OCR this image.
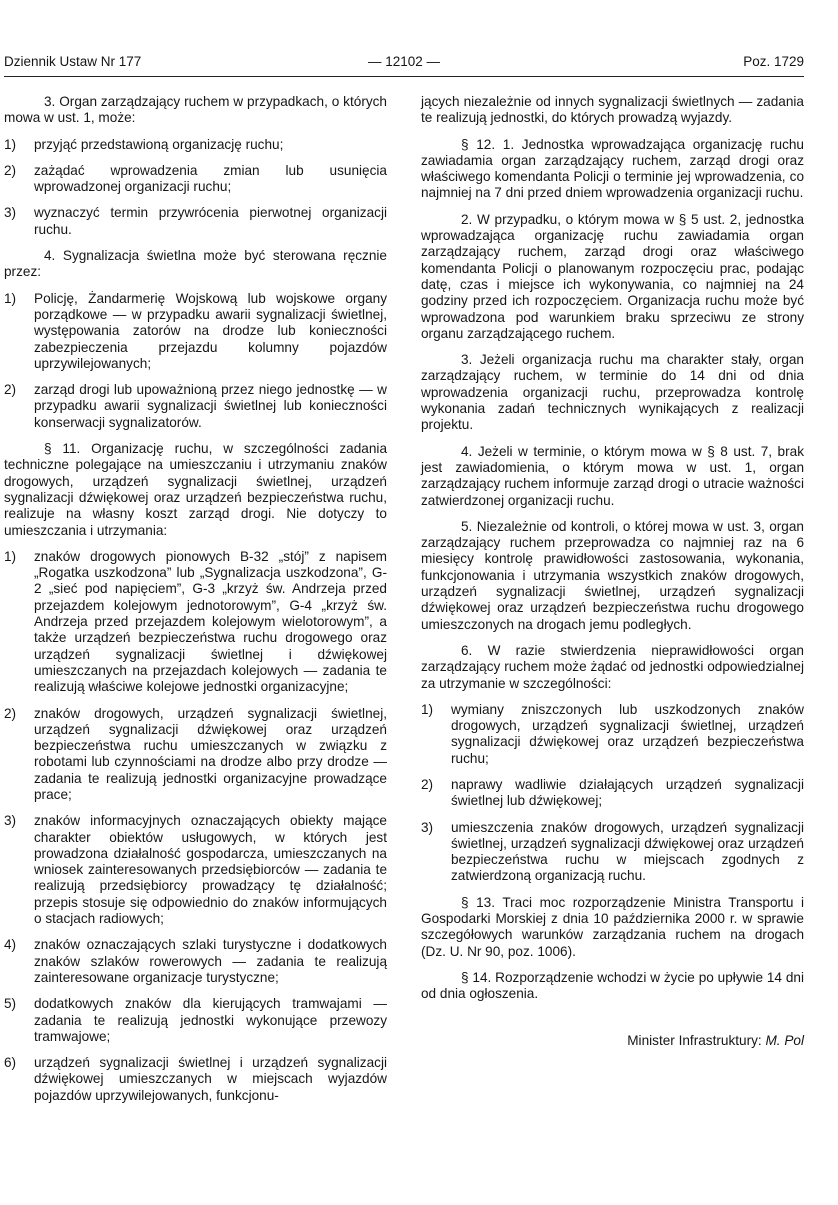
Dziennik Ustaw Nr 177	— 12102 —	Poz. 1729

3. Organ zarządzający ruchem w przypadkach, o których mowa w ust. 1, może:

1) przyjąć przedstawioną organizację ruchu;
2) zażądać wprowadzenia zmian lub usunięcia wprowadzonej organizacji ruchu;
3) wyznaczyć termin przywrócenia pierwotnej organizacji ruchu.

4. Sygnalizacja świetlna może być sterowana ręcznie przez:

1) Policję, Żandarmerię Wojskową lub wojskowe organy porządkowe — w przypadku awarii sygnalizacji świetlnej, występowania zatorów na drodze lub konieczności zabezpieczenia przejazdu kolumny pojazdów uprzywilejowanych;
2) zarząd drogi lub upoważnioną przez niego jednostkę — w przypadku awarii sygnalizacji świetlnej lub konieczności konserwacji sygnalizatorów.

§ 11. Organizację ruchu, w szczególności zadania techniczne polegające na umieszczaniu i utrzymaniu znaków drogowych, urządzeń sygnalizacji świetlnej, urządzeń sygnalizacji dźwiękowej oraz urządzeń bezpieczeństwa ruchu, realizuje na własny koszt zarząd drogi. Nie dotyczy to umieszczania i utrzymania:

1) znaków drogowych pionowych B-32 „stój” z napisem „Rogatka uszkodzona” lub „Sygnalizacja uszkodzona”, G-2 „sieć pod napięciem”, G-3 „krzyż św. Andrzeja przed przejazdem kolejowym jednotorowym”, G-4 „krzyż św. Andrzeja przed przejazdem kolejowym wielotorowym”, a także urządzeń bezpieczeństwa ruchu drogowego oraz urządzeń sygnalizacji świetlnej i dźwiękowej umieszczanych na przejazdach kolejowych — zadania te realizują właściwe kolejowe jednostki organizacyjne;
2) znaków drogowych, urządzeń sygnalizacji świetlnej, urządzeń sygnalizacji dźwiękowej oraz urządzeń bezpieczeństwa ruchu umieszczanych w związku z robotami lub czynnościami na drodze albo przy drodze — zadania te realizują jednostki organizacyjne prowadzące prace;
3) znaków informacyjnych oznaczających obiekty mające charakter obiektów usługowych, w których jest prowadzona działalność gospodarcza, umieszczanych na wniosek zainteresowanych przedsiębiorców — zadania te realizują przedsiębiorcy prowadzący tę działalność; przepis stosuje się odpowiednio do znaków informujących o stacjach radiowych;
4) znaków oznaczających szlaki turystyczne i dodatkowych znaków szlaków rowerowych — zadania te realizują zainteresowane organizacje turystyczne;
5) dodatkowych znaków dla kierujących tramwajami — zadania te realizują jednostki wykonujące przewozy tramwajowe;
6) urządzeń sygnalizacji świetlnej i urządzeń sygnalizacji dźwiękowej umieszczanych w miejscach wyjazdów pojazdów uprzywilejowanych, funkcjonu-

jących niezależnie od innych sygnalizacji świetlnych — zadania te realizują jednostki, do których prowadzą wyjazdy.

§ 12. 1. Jednostka wprowadzająca organizację ruchu zawiadamia organ zarządzający ruchem, zarząd drogi oraz właściwego komendanta Policji o terminie jej wprowadzenia, co najmniej na 7 dni przed dniem wprowadzenia organizacji ruchu.

2. W przypadku, o którym mowa w § 5 ust. 2, jednostka wprowadzająca organizację ruchu zawiadamia organ zarządzający ruchem, zarząd drogi oraz właściwego komendanta Policji o planowanym rozpoczęciu prac, podając datę, czas i miejsce ich wykonywania, co najmniej na 24 godziny przed ich rozpoczęciem. Organizacja ruchu może być wprowadzona pod warunkiem braku sprzeciwu ze strony organu zarządzającego ruchem.

3. Jeżeli organizacja ruchu ma charakter stały, organ zarządzający ruchem, w terminie do 14 dni od dnia wprowadzenia organizacji ruchu, przeprowadza kontrolę wykonania zadań technicznych wynikających z realizacji projektu.

4. Jeżeli w terminie, o którym mowa w § 8 ust. 7, brak jest zawiadomienia, o którym mowa w ust. 1, organ zarządzający ruchem informuje zarząd drogi o utracie ważności zatwierdzonej organizacji ruchu.

5. Niezależnie od kontroli, o której mowa w ust. 3, organ zarządzający ruchem przeprowadza co najmniej raz na 6 miesięcy kontrolę prawidłowości zastosowania, wykonania, funkcjonowania i utrzymania wszystkich znaków drogowych, urządzeń sygnalizacji świetlnej, urządzeń sygnalizacji dźwiękowej oraz urządzeń bezpieczeństwa ruchu drogowego umieszczonych na drogach jemu podległych.

6. W razie stwierdzenia nieprawidłowości organ zarządzający ruchem może żądać od jednostki odpowiedzialnej za utrzymanie w szczególności:

1) wymiany zniszczonych lub uszkodzonych znaków drogowych, urządzeń sygnalizacji świetlnej, urządzeń sygnalizacji dźwiękowej oraz urządzeń bezpieczeństwa ruchu;
2) naprawy wadliwie działających urządzeń sygnalizacji świetlnej lub dźwiękowej;
3) umieszczenia znaków drogowych, urządzeń sygnalizacji świetlnej, urządzeń sygnalizacji dźwiękowej oraz urządzeń bezpieczeństwa ruchu w miejscach zgodnych z zatwierdzoną organizacją ruchu.

§ 13. Traci moc rozporządzenie Ministra Transportu i Gospodarki Morskiej z dnia 10 października 2000 r. w sprawie szczegółowych warunków zarządzania ruchem na drogach (Dz. U. Nr 90, poz. 1006).

§ 14. Rozporządzenie wchodzi w życie po upływie 14 dni od dnia ogłoszenia.

Minister Infrastruktury: M. Pol
